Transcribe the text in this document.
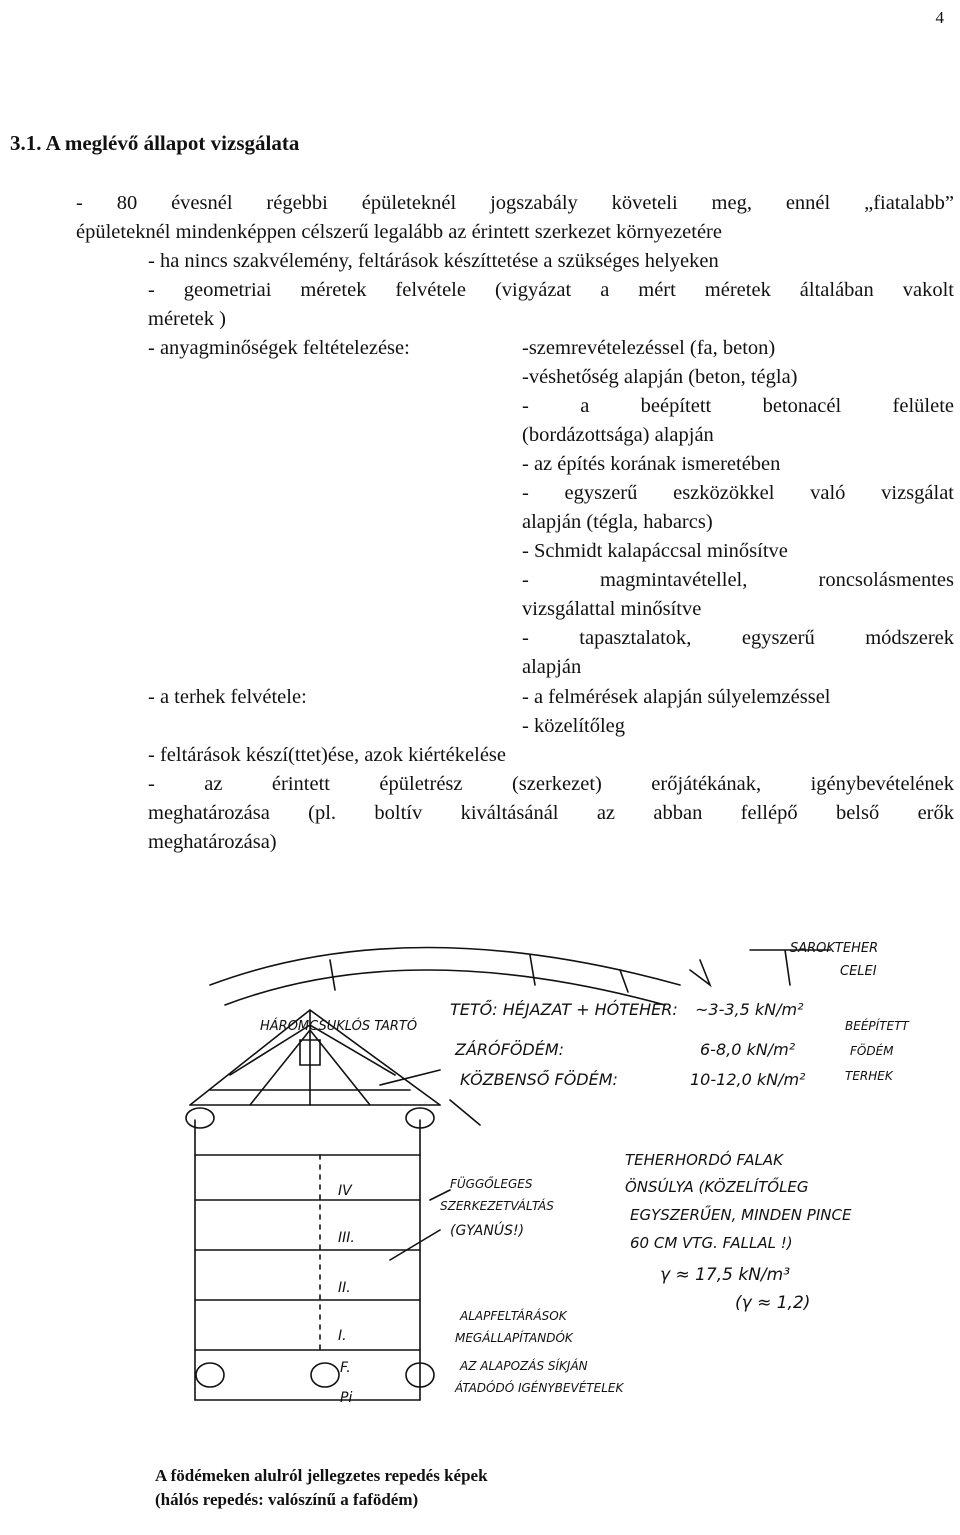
4
3.1. A meglévő állapot vizsgálata
- 80 évesnél régebbi épületeknél jogszabály követeli meg, ennél „fiatalabb”
épületeknél mindenképpen célszerű legalább az érintett szerkezet környezetére
- ha nincs szakvélemény, feltárások készíttetése a szükséges helyeken
- geometriai méretek felvétele (vigyázat a mért méretek általában vakolt
méretek )
- anyagminőségek feltételezése:	-szemrevételezéssel (fa, beton)
-véshetőség alapján (beton, tégla)
- a beépített betonacél felülete
(bordázottsága) alapján
- az építés korának ismeretében
- egyszerű eszközökkel való vizsgálat
alapján (tégla, habarcs)
- Schmidt kalapáccsal minősítve
- magmintavétellel, roncsolásmentes
vizsgálattal minősítve
- tapasztalatok, egyszerű módszerek
alapján
- a terhek felvétele:	- a felmérések alapján súlyelemzéssel
- közelítőleg
- feltárások készí(ttet)ése, azok kiértékelése
- az érintett épületrész (szerkezet) erőjátékának, igénybevételének
meghatározása (pl. boltív kiváltásánál az abban fellépő belső erők
meghatározása)
SAROKTEHER
CELEI
HÁROMCSUKLÓS TARTÓ
TETŐ: HÉJAZAT + HÓTEHER: ~3-3,5 kN/m²
ZÁRÓFÖDÉM:	6-8,0 kN/m²
KÖZBENSŐ FÖDÉM:	10-12,0 kN/m²
BEÉPÍTETT
FÖDÉM
TERHEK
FÜGGŐLEGES
SZERKEZETVÁLTÁS
(GYANÚS!)
IV
III.
II.
I.
F.
Pi
TEHERHORDÓ FALAK
ÖNSÚLYA (KÖZELÍTŐLEG
EGYSZERŰEN, MINDEN PINCE
60 CM VTG. FALLAL !)
γ ≈ 17,5 kN/m³
(γ ≈ 1,2)
ALAPFELTÁRÁSOK
MEGÁLLAPÍTANDÓK
AZ ALAPOZÁS SÍKJÁN
ÁTADÓDÓ IGÉNYBEVÉTELEK
A födémeken alulról jellegzetes repedés képek
(hálós repedés: valószínű a fafödém)
